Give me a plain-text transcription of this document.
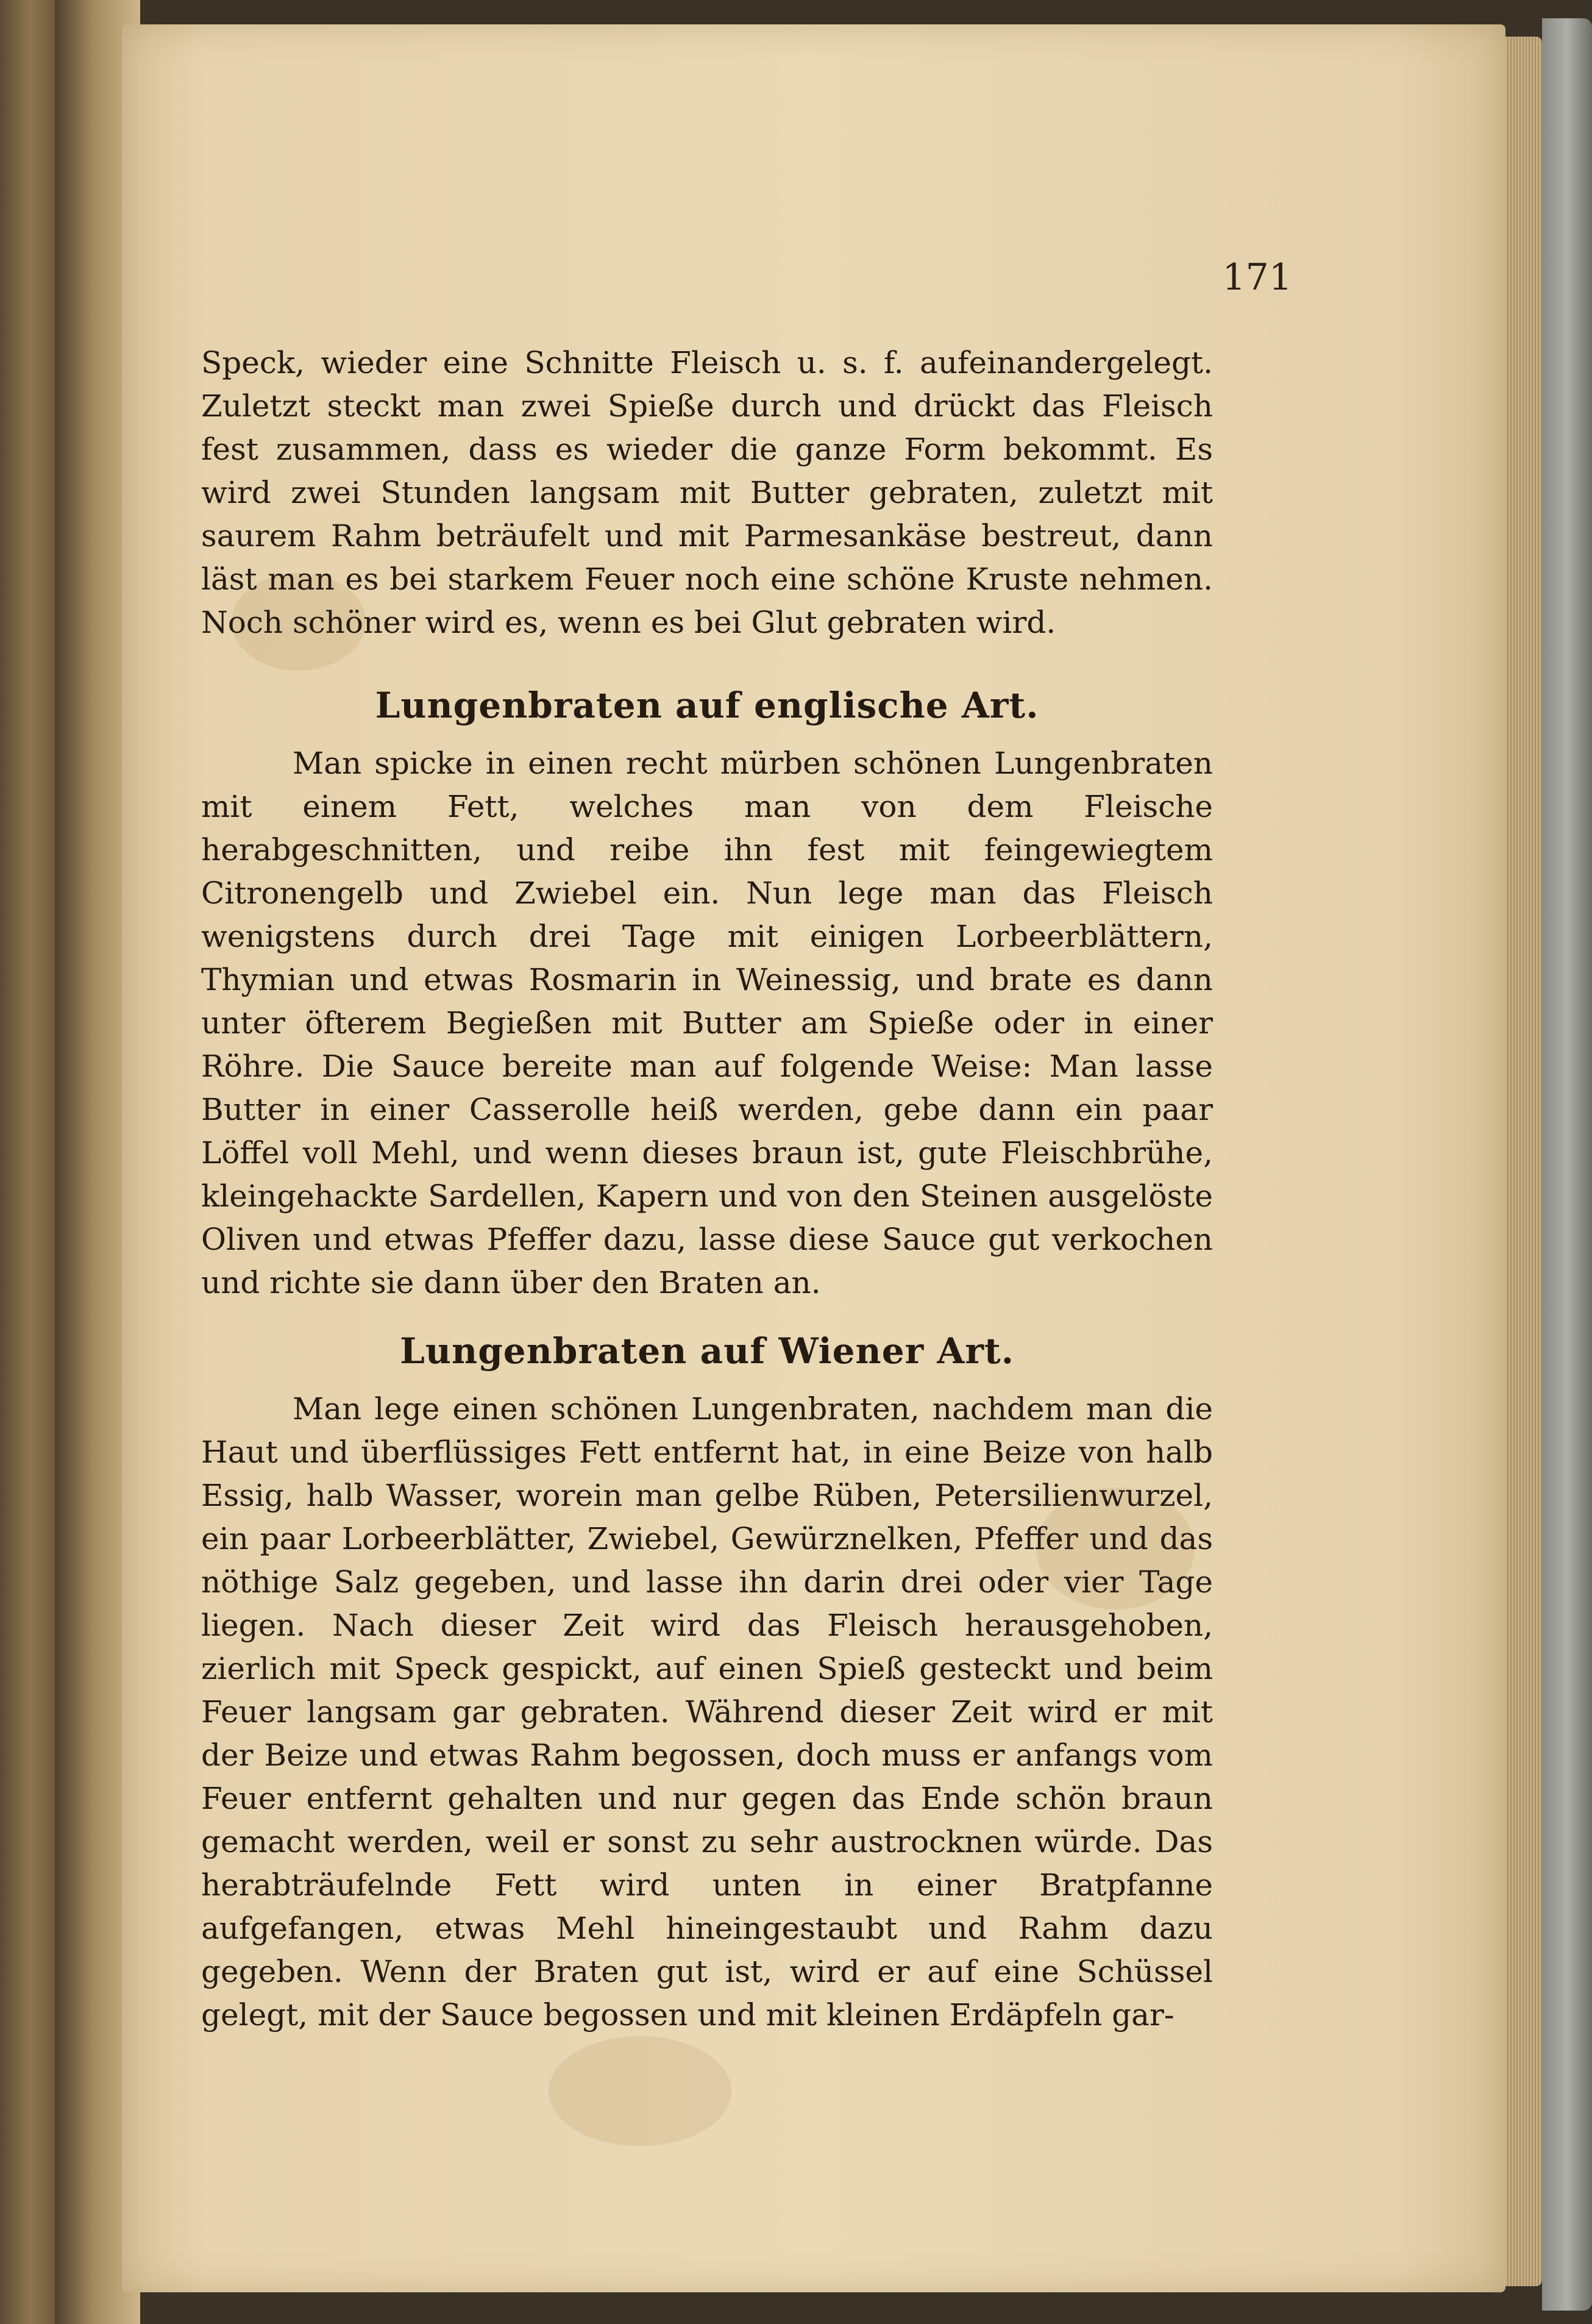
171

Speck, wieder eine Schnitte Fleisch u. s. f. aufeinandergelegt. Zuletzt steckt man zwei Spieße durch und drückt das Fleisch fest zusammen, dass es wieder die ganze Form bekommt. Es wird zwei Stunden langsam mit Butter gebraten, zuletzt mit saurem Rahm beträufelt und mit Parmesankäse bestreut, dann läst man es bei starkem Feuer noch eine schöne Kruste nehmen. Noch schöner wird es, wenn es bei Glut gebraten wird.

Lungenbraten auf englische Art.

Man spicke in einen recht mürben schönen Lungenbraten mit einem Fett, welches man von dem Fleische herabgeschnitten, und reibe ihn fest mit feingewiegtem Citronengelb und Zwiebel ein. Nun lege man das Fleisch wenigstens durch drei Tage mit einigen Lorbeerblättern, Thymian und etwas Rosmarin in Weinessig, und brate es dann unter öfterem Begießen mit Butter am Spieße oder in einer Röhre. Die Sauce bereite man auf folgende Weise: Man lasse Butter in einer Casserolle heiß werden, gebe dann ein paar Löffel voll Mehl, und wenn dieses braun ist, gute Fleischbrühe, kleingehackte Sardellen, Kapern und von den Steinen ausgelöste Oliven und etwas Pfeffer dazu, lasse diese Sauce gut verkochen und richte sie dann über den Braten an.

Lungenbraten auf Wiener Art.

Man lege einen schönen Lungenbraten, nachdem man die Haut und überflüssiges Fett entfernt hat, in eine Beize von halb Essig, halb Wasser, worein man gelbe Rüben, Petersilienwurzel, ein paar Lorbeerblätter, Zwiebel, Gewürznelken, Pfeffer und das nöthige Salz gegeben, und lasse ihn darin drei oder vier Tage liegen. Nach dieser Zeit wird das Fleisch herausgehoben, zierlich mit Speck gespickt, auf einen Spieß gesteckt und beim Feuer langsam gar gebraten. Während dieser Zeit wird er mit der Beize und etwas Rahm begossen, doch muss er anfangs vom Feuer entfernt gehalten und nur gegen das Ende schön braun gemacht werden, weil er sonst zu sehr austrocknen würde. Das herabträufelnde Fett wird unten in einer Bratpfanne aufgefangen, etwas Mehl hineingestaubt und Rahm dazu gegeben. Wenn der Braten gut ist, wird er auf eine Schüssel gelegt, mit der Sauce begossen und mit kleinen Erdäpfeln gar-
